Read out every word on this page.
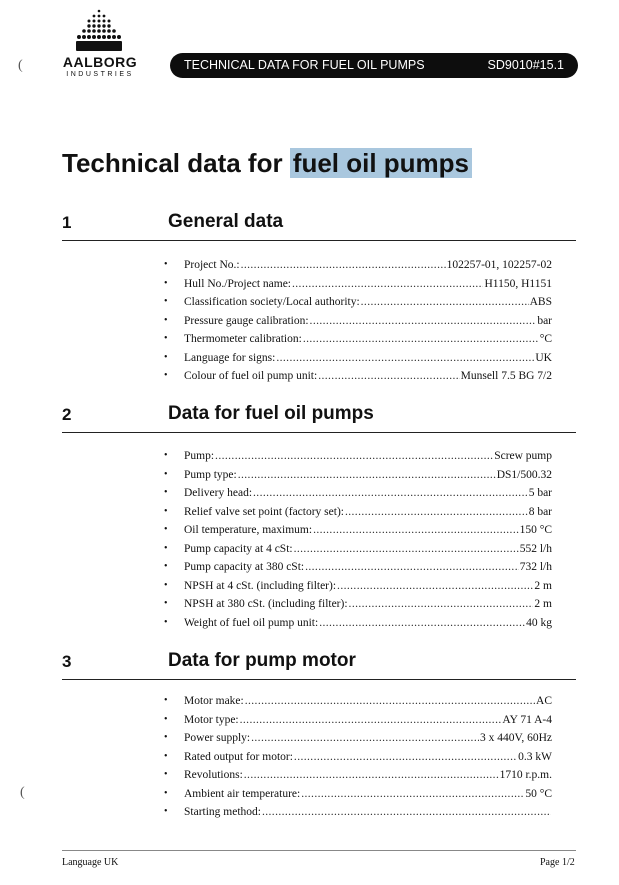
AALBORG
INDUSTRIES
TECHNICAL DATA FOR FUEL OIL PUMPS	SD9010#15.1
(
(
Technical data for fuel oil pumps
1	General data
•	Project No.: .....	102257-01, 102257-02
•	Hull No./Project name: .....	H1150, H1151
•	Classification society/Local authority: .....	ABS
•	Pressure gauge calibration: .....	bar
•	Thermometer calibration: .....	°C
•	Language for signs: .....	UK
•	Colour of fuel oil pump unit: .....	Munsell 7.5 BG 7/2
2	Data for fuel oil pumps
•	Pump: .....	Screw pump
•	Pump type: .....	DS1/500.32
•	Delivery head: .....	5 bar
•	Relief valve set point (factory set): .....	8 bar
•	Oil temperature, maximum: .....	150 °C
•	Pump capacity at 4 cSt: .....	552 l/h
•	Pump capacity at 380 cSt: .....	732 l/h
•	NPSH at 4 cSt. (including filter): .....	2 m
•	NPSH at 380 cSt. (including filter): .....	2 m
•	Weight of fuel oil pump unit: .....	40 kg
3	Data for pump motor
•	Motor make: .....	AC
•	Motor type: .....	AY 71 A-4
•	Power supply: .....	3 x 440V, 60Hz
•	Rated output for motor: .....	0.3 kW
•	Revolutions: .....	1710 r.p.m.
•	Ambient air temperature: .....	50 °C
•	Starting method:
.....
Language UK	Page 1/2
